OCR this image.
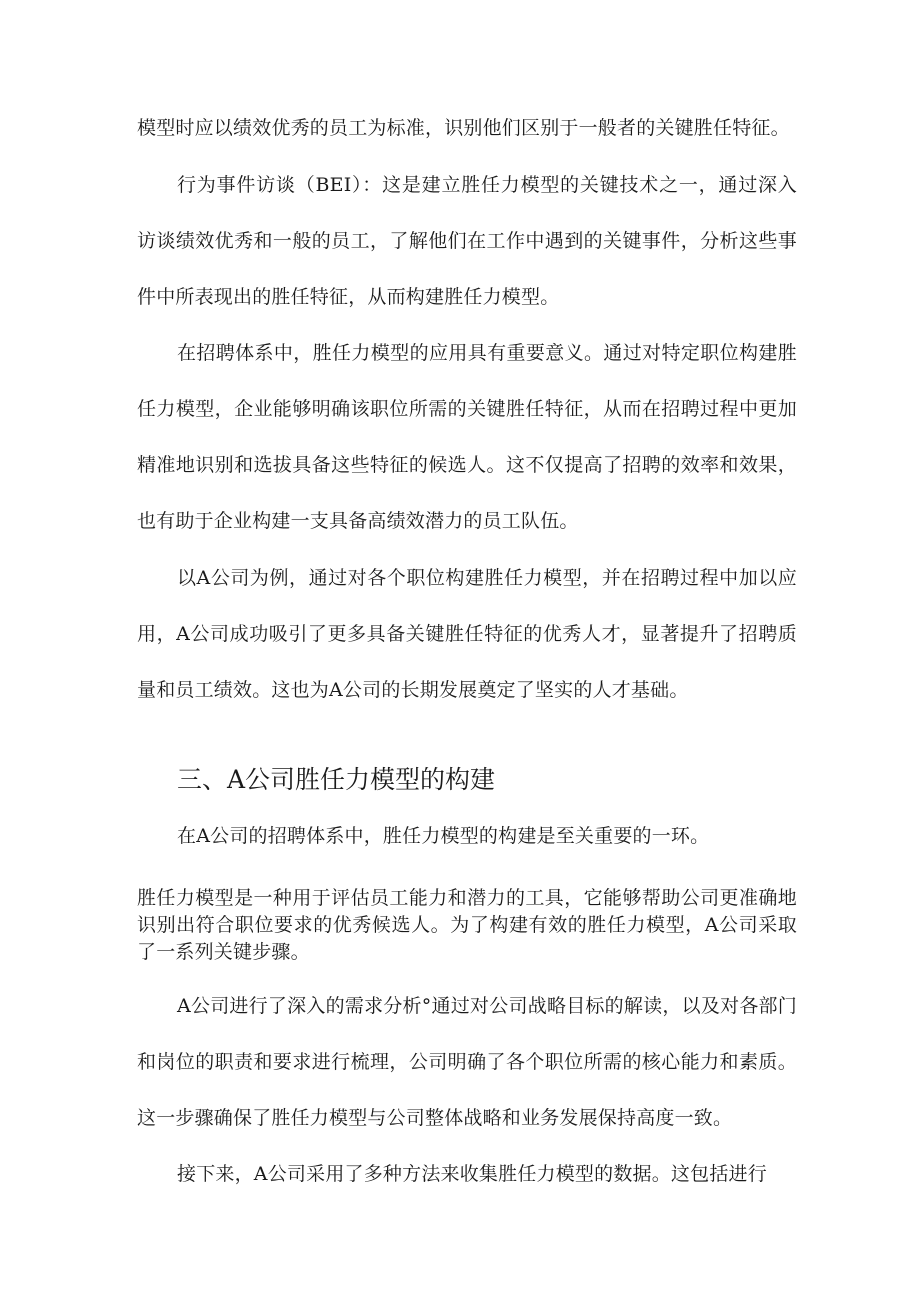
模型时应以绩效优秀的员工为标准，识别他们区别于一般者的关键胜任特征。

行为事件访谈（BEI）：这是建立胜任力模型的关键技术之一，通过深入访谈绩效优秀和一般的员工，了解他们在工作中遇到的关键事件，分析这些事件中所表现出的胜任特征，从而构建胜任力模型。

在招聘体系中，胜任力模型的应用具有重要意义。通过对特定职位构建胜任力模型，企业能够明确该职位所需的关键胜任特征，从而在招聘过程中更加精准地识别和选拔具备这些特征的候选人。这不仅提高了招聘的效率和效果，也有助于企业构建一支具备高绩效潜力的员工队伍。

以A公司为例，通过对各个职位构建胜任力模型，并在招聘过程中加以应用，A公司成功吸引了更多具备关键胜任特征的优秀人才，显著提升了招聘质量和员工绩效。这也为A公司的长期发展奠定了坚实的人才基础。

三、A公司胜任力模型的构建

在A公司的招聘体系中，胜任力模型的构建是至关重要的一环。

胜任力模型是一种用于评估员工能力和潜力的工具，它能够帮助公司更准确地识别出符合职位要求的优秀候选人。为了构建有效的胜任力模型，A公司采取了一系列关键步骤。

A公司进行了深入的需求分析°通过对公司战略目标的解读，以及对各部门和岗位的职责和要求进行梳理，公司明确了各个职位所需的核心能力和素质。这一步骤确保了胜任力模型与公司整体战略和业务发展保持高度一致。

接下来，A公司采用了多种方法来收集胜任力模型的数据。这包括进行
